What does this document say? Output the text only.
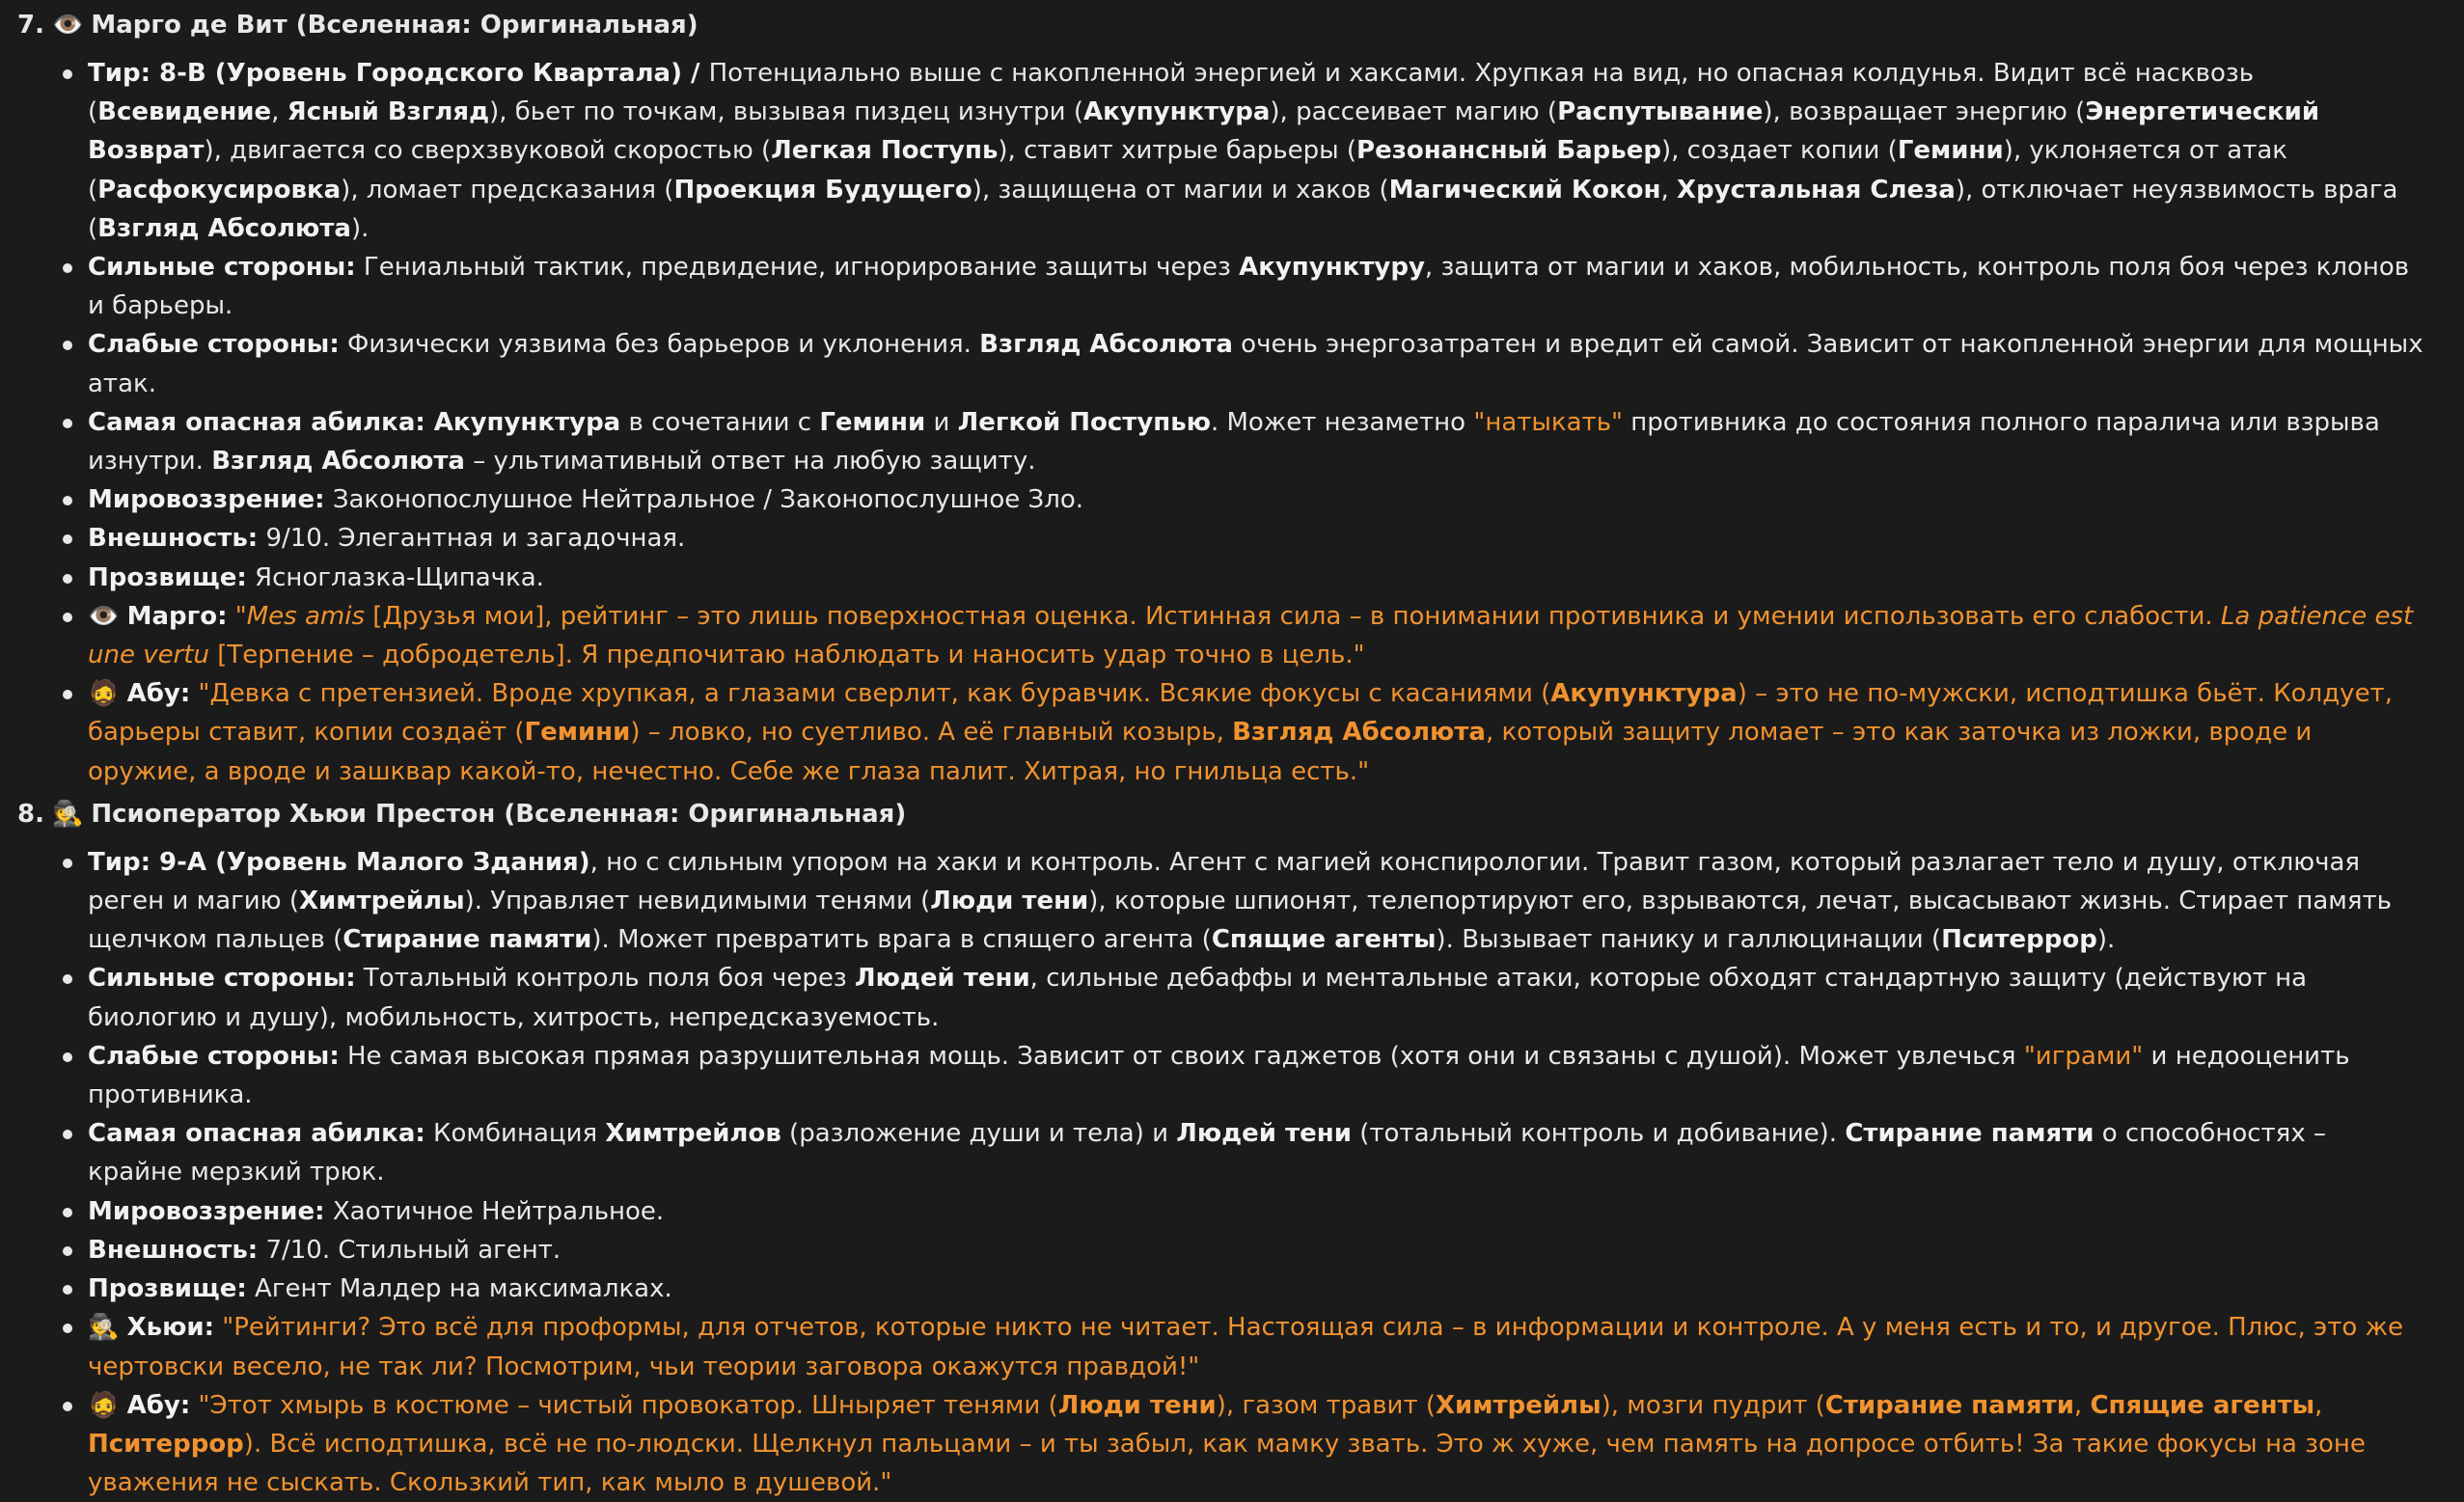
7. 👁️ Марго де Вит (Вселенная: Оригинальная)
Тир: 8-В (Уровень Городского Квартала) / Потенциально выше с накопленной энергией и хаксами. Хрупкая на вид, но опасная колдунья. Видит всё насквозь (Всевидение, Ясный Взгляд), бьет по точкам, вызывая пиздец изнутри (Акупунктура), рассеивает магию (Распутывание), возвращает энергию (Энергетический Возврат), двигается со сверхзвуковой скоростью (Легкая Поступь), ставит хитрые барьеры (Резонансный Барьер), создает копии (Гемини), уклоняется от атак (Расфокусировка), ломает предсказания (Проекция Будущего), защищена от магии и хаков (Магический Кокон, Хрустальная Слеза), отключает неуязвимость врага (Взгляд Абсолюта).
Сильные стороны: Гениальный тактик, предвидение, игнорирование защиты через Акупунктуру, защита от магии и хаков, мобильность, контроль поля боя через клонов и барьеры.
Слабые стороны: Физически уязвима без барьеров и уклонения. Взгляд Абсолюта очень энергозатратен и вредит ей самой. Зависит от накопленной энергии для мощных атак.
Самая опасная абилка: Акупунктура в сочетании с Гемини и Легкой Поступью. Может незаметно "натыкать" противника до состояния полного паралича или взрыва изнутри. Взгляд Абсолюта – ультимативный ответ на любую защиту.
Мировоззрение: Законопослушное Нейтральное / Законопослушное Зло.
Внешность: 9/10. Элегантная и загадочная.
Прозвище: Ясноглазка-Щипачка.
👁️ Марго: "Mes amis [Друзья мои], рейтинг – это лишь поверхностная оценка. Истинная сила – в понимании противника и умении использовать его слабости. La patience est une vertu [Терпение – добродетель]. Я предпочитаю наблюдать и наносить удар точно в цель."
🧔 Абу: "Девка с претензией. Вроде хрупкая, а глазами сверлит, как буравчик. Всякие фокусы с касаниями (Акупунктура) – это не по-мужски, исподтишка бьёт. Колдует, барьеры ставит, копии создаёт (Гемини) – ловко, но суетливо. А её главный козырь, Взгляд Абсолюта, который защиту ломает – это как заточка из ложки, вроде и оружие, а вроде и зашквар какой-то, нечестно. Себе же глаза палит. Хитрая, но гнильца есть."
8. 🕵️ Псиоператор Хьюи Престон (Вселенная: Оригинальная)
Тир: 9-А (Уровень Малого Здания), но с сильным упором на хаки и контроль. Агент с магией конспирологии. Травит газом, который разлагает тело и душу, отключая реген и магию (Химтрейлы). Управляет невидимыми тенями (Люди тени), которые шпионят, телепортируют его, взрываются, лечат, высасывают жизнь. Стирает память щелчком пальцев (Стирание памяти). Может превратить врага в спящего агента (Спящие агенты). Вызывает панику и галлюцинации (Пситеррор).
Сильные стороны: Тотальный контроль поля боя через Людей тени, сильные дебаффы и ментальные атаки, которые обходят стандартную защиту (действуют на биологию и душу), мобильность, хитрость, непредсказуемость.
Слабые стороны: Не самая высокая прямая разрушительная мощь. Зависит от своих гаджетов (хотя они и связаны с душой). Может увлечься "играми" и недооценить противника.
Самая опасная абилка: Комбинация Химтрейлов (разложение души и тела) и Людей тени (тотальный контроль и добивание). Стирание памяти о способностях – крайне мерзкий трюк.
Мировоззрение: Хаотичное Нейтральное.
Внешность: 7/10. Стильный агент.
Прозвище: Агент Малдер на максималках.
🕵️ Хьюи: "Рейтинги? Это всё для проформы, для отчетов, которые никто не читает. Настоящая сила – в информации и контроле. А у меня есть и то, и другое. Плюс, это же чертовски весело, не так ли? Посмотрим, чьи теории заговора окажутся правдой!"
🧔 Абу: "Этот хмырь в костюме – чистый провокатор. Шныряет тенями (Люди тени), газом травит (Химтрейлы), мозги пудрит (Стирание памяти, Спящие агенты, Пситеррор). Всё исподтишка, всё не по-людски. Щелкнул пальцами – и ты забыл, как мамку звать. Это ж хуже, чем память на допросе отбить! За такие фокусы на зоне уважения не сыскать. Скользкий тип, как мыло в душевой."
